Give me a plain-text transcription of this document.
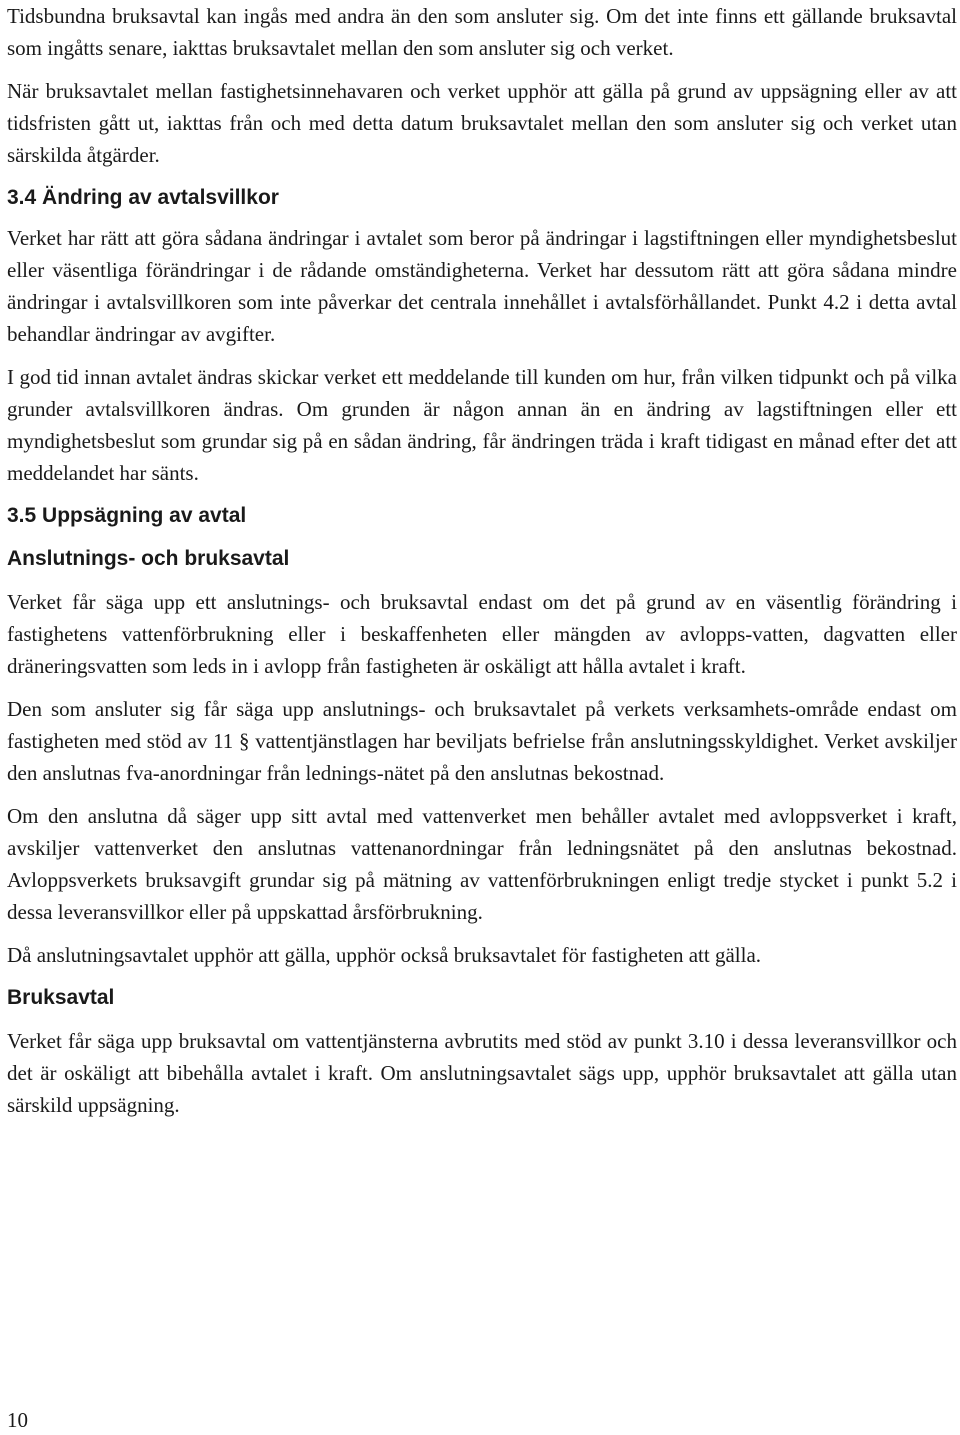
Tidsbundna bruksavtal kan ingås med andra än den som ansluter sig. Om det inte finns ett gällande bruksavtal som ingåtts senare, iakttas bruksavtalet mellan den som ansluter sig och verket.

När bruksavtalet mellan fastighetsinnehavaren och verket upphör att gälla på grund av uppsägning eller av att tidsfristen gått ut, iakttas från och med detta datum bruksavtalet mellan den som ansluter sig och verket utan särskilda åtgärder.

3.4 Ändring av avtalsvillkor

Verket har rätt att göra sådana ändringar i avtalet som beror på ändringar i lagstiftningen eller myndighetsbeslut eller väsentliga förändringar i de rådande omständigheterna. Verket har dessutom rätt att göra sådana mindre ändringar i avtalsvillkoren som inte påverkar det centrala innehållet i avtalsförhållandet. Punkt 4.2 i detta avtal behandlar ändringar av avgifter.

I god tid innan avtalet ändras skickar verket ett meddelande till kunden om hur, från vilken tidpunkt och på vilka grunder avtalsvillkoren ändras. Om grunden är någon annan än en ändring av lagstiftningen eller ett myndighetsbeslut som grundar sig på en sådan ändring, får ändringen träda i kraft tidigast en månad efter det att meddelandet har sänts.

3.5 Uppsägning av avtal
Anslutnings- och bruksavtal

Verket får säga upp ett anslutnings- och bruksavtal endast om det på grund av en väsentlig förändring i fastighetens vattenförbrukning eller i beskaffenheten eller mängden av avlopps-vatten, dagvatten eller dräneringsvatten som leds in i avlopp från fastigheten är oskäligt att hålla avtalet i kraft.

Den som ansluter sig får säga upp anslutnings- och bruksavtalet på verkets verksamhets-område endast om fastigheten med stöd av 11 § vattentjänstlagen har beviljats befrielse från anslutningsskyldighet. Verket avskiljer den anslutnas fva-anordningar från lednings-nätet på den anslutnas bekostnad.

Om den anslutna då säger upp sitt avtal med vattenverket men behåller avtalet med avloppsverket i kraft, avskiljer vattenverket den anslutnas vattenanordningar från ledningsnätet på den anslutnas bekostnad. Avloppsverkets bruksavgift grundar sig på mätning av vattenförbrukningen enligt tredje stycket i punkt 5.2 i dessa leveransvillkor eller på uppskattad årsförbrukning.

Då anslutningsavtalet upphör att gälla, upphör också bruksavtalet för fastigheten att gälla.

Bruksavtal

Verket får säga upp bruksavtal om vattentjänsterna avbrutits med stöd av punkt 3.10 i dessa leveransvillkor och det är oskäligt att bibehålla avtalet i kraft. Om anslutningsavtalet sägs upp, upphör bruksavtalet att gälla utan särskild uppsägning.

10
